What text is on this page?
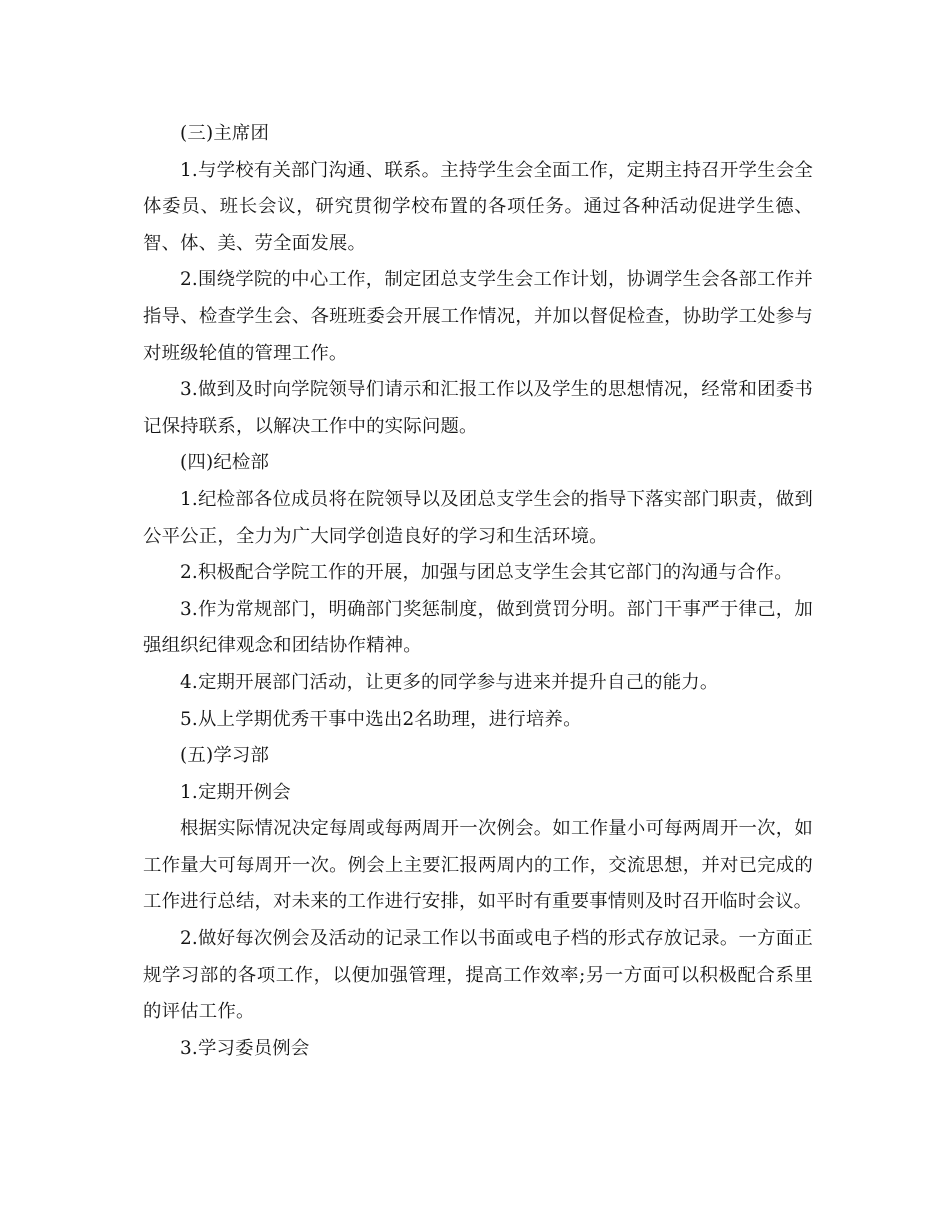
(三)主席团

1.与学校有关部门沟通、联系。主持学生会全面工作，定期主持召开学生会全体委员、班长会议，研究贯彻学校布置的各项任务。通过各种活动促进学生德、智、体、美、劳全面发展。

2.围绕学院的中心工作，制定团总支学生会工作计划，协调学生会各部工作并指导、检查学生会、各班班委会开展工作情况，并加以督促检查，协助学工处参与对班级轮值的管理工作。

3.做到及时向学院领导们请示和汇报工作以及学生的思想情况，经常和团委书记保持联系，以解决工作中的实际问题。

(四)纪检部

1.纪检部各位成员将在院领导以及团总支学生会的指导下落实部门职责，做到公平公正，全力为广大同学创造良好的学习和生活环境。

2.积极配合学院工作的开展，加强与团总支学生会其它部门的沟通与合作。

3.作为常规部门，明确部门奖惩制度，做到赏罚分明。部门干事严于律己，加强组织纪律观念和团结协作精神。

4.定期开展部门活动，让更多的同学参与进来并提升自己的能力。

5.从上学期优秀干事中选出2名助理，进行培养。

(五)学习部

1.定期开例会

根据实际情况决定每周或每两周开一次例会。如工作量小可每两周开一次，如工作量大可每周开一次。例会上主要汇报两周内的工作，交流思想，并对已完成的工作进行总结，对未来的工作进行安排，如平时有重要事情则及时召开临时会议。

2.做好每次例会及活动的记录工作以书面或电子档的形式存放记录。一方面正规学习部的各项工作，以便加强管理，提高工作效率;另一方面可以积极配合系里的评估工作。

3.学习委员例会
